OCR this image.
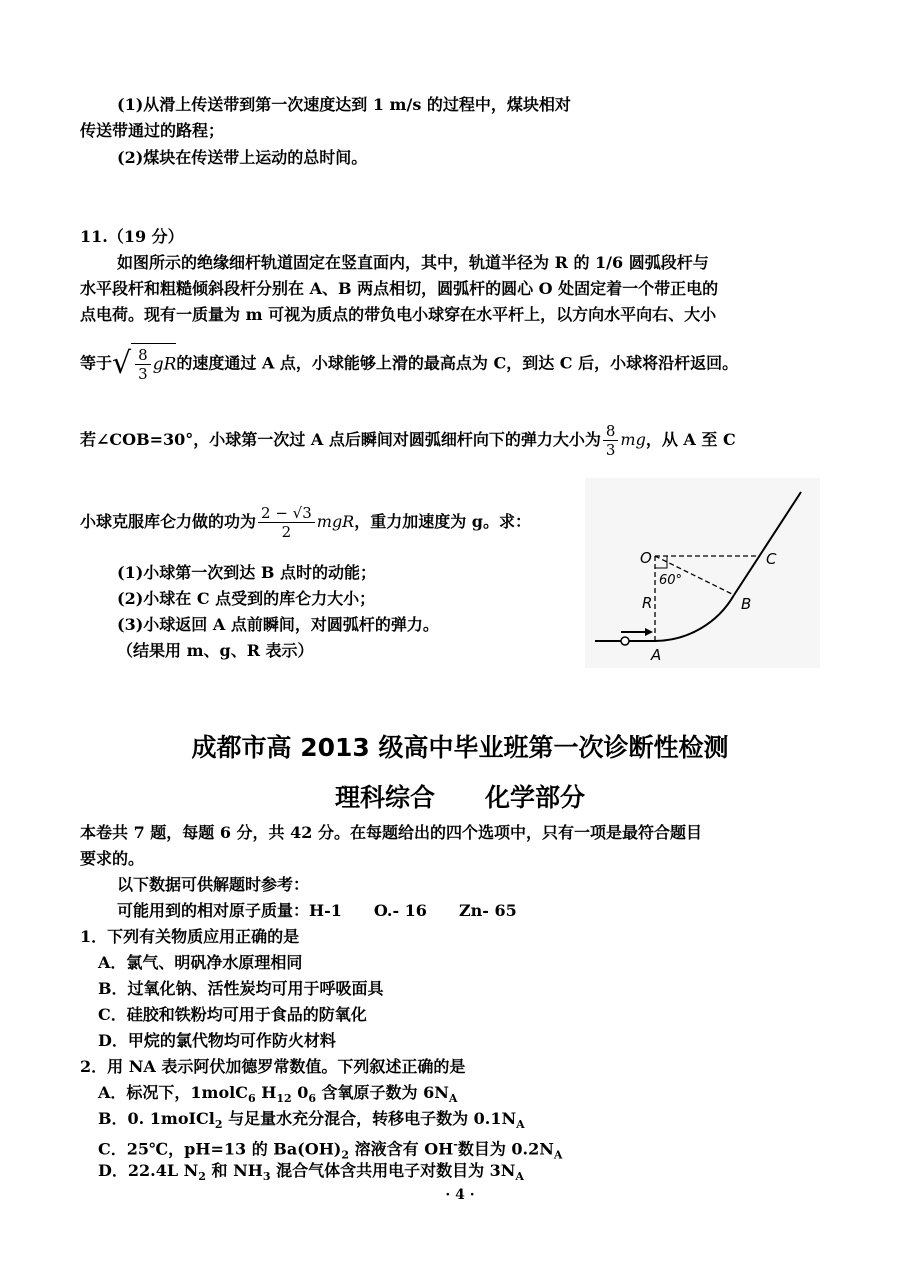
(1)从滑上传送带到第一次速度达到 1 m/s 的过程中，煤块相对
传送带通过的路程；
(2)煤块在传送带上运动的总时间。
11.（19 分）
如图所示的绝缘细杆轨道固定在竖直面内，其中，轨道半径为 R 的 1/6 圆弧段杆与
水平段杆和粗糙倾斜段杆分别在 A、B 两点相切，圆弧杆的圆心 O 处固定着一个带正电的
点电荷。现有一质量为 m 可视为质点的带负电小球穿在水平杆上，以方向水平向右、大小
等于√ $\frac{8}{3}$ gR的速度通过 A 点，小球能够上滑的最高点为 C，到达 C 后，小球将沿杆返回。
若∠COB=30°，小球第一次过 A 点后瞬间对圆弧细杆向下的弹力大小为 $\frac{8}{3}$ mg，从 A 至 C
小球克服库仑力做的功为 $\frac{2 - √3}{2}$ mgR，重力加速度为 g。求：
(1)小球第一次到达 B 点时的动能；
(2)小球在 C 点受到的库仑力大小；
(3)小球返回 A 点前瞬间，对圆弧杆的弹力。
（结果用 m、g、R 表示）
O	C
B
A
R
60°
成都市高 2013 级高中毕业班第一次诊断性检测
理科综合　　化学部分
本卷共 7 题，每题 6 分，共 42 分。在每题给出的四个选项中，只有一项是最符合题目
要求的。
以下数据可供解题时参考：
可能用到的相对原子质量：H-1　　O.- 16　　Zn- 65
1．下列有关物质应用正确的是
A．氯气、明矾净水原理相同
B．过氧化钠、活性炭均可用于呼吸面具
C．硅胶和铁粉均可用于食品的防氧化
D．甲烷的氯代物均可作防火材料
2．用 NA 表示阿伏加德罗常数值。下列叙述正确的是
A．标况下，1molC$_6$ $H_{12}$ $0_6$ 含氧原子数为 $6N_A$
B．0. 1moICl$_2$ 与足量水充分混合，转移电子数为 $0.1N_A$
C．25℃，pH=13 的 $Ba(OH)_2$ 溶液含有 OH-数目为 $0.2N_A$
D．22.4L $N_2$ 和 $NH_3$ 混合气体含共用电子对数目为 $3N_A$
· 4 ·
